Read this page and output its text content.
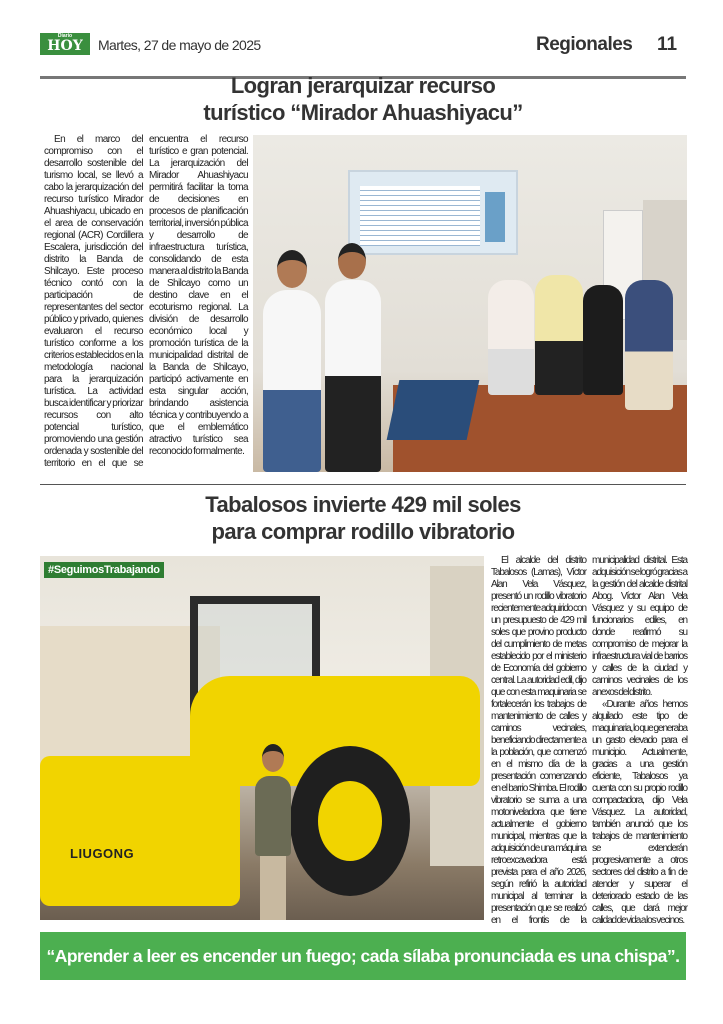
Diario
HOY	Martes, 27 de mayo de 2025	Regionales 11
Logran jerarquizar recurso
turístico “Mirador Ahuashiyacu”

En el marco del compromiso con el desarrollo sostenible del turismo local, se llevó a cabo la jerarquización del recurso turístico Mirador Ahuashiyacu, ubicado en el area de conservación regional (ACR) Cordillera Escalera, jurisdicción del distrito la Banda de Shilcayo. Este proceso técnico contó con la participación de representantes del sector público y privado, quienes evaluaron el recurso turístico conforme a los criterios establecidos en la metodología nacional para la jerarquización turística. La actividad busca identificar y priorizar recursos con alto potencial turístico, promoviendo una gestión ordenada y sostenible del territorio en el que se encuentra el recurso turístico e gran potencial. La jerarquización del Mirador Ahuashiyacu permitirá facilitar la toma de decisiones en procesos de planificación territorial, inversión pública y desarrollo de infraestructura turística, consolidando de esta manera al distrito la Banda de Shilcayo como un destino clave en el ecoturismo regional. La división de desarrollo económico local y promoción turística de la municipalidad distrital de la Banda de Shilcayo, participó activamente en esta singular acción, brindando asistencia técnica y contribuyendo a que el emblemático atractivo turístico sea reconocido formalmente.

Tabalosos invierte 429 mil soles
para comprar rodillo vibratorio
#SeguimosTrabajando
LIUGONG

El alcalde del distrito Tabalosos (Lamas), Víctor Alan Vela Vásquez, presentó un rodillo vibratorio recientemente adquirido con un presupuesto de 429 mil soles que provino producto del cumplimiento de metas establecido por el ministerio de Economía del gobierno central. La autoridad edil, dijo que con esta maquinaria se fortalecerán los trabajos de mantenimiento de calles y caminos vecinales, beneficiando directamente a la población, que comenzó en el mismo día de la presentación comenzando en el barrio Shimba. El rodillo vibratorio se suma a una motoniveladora que tiene actualmente el gobierno municipal, mientras que la adquisición de una máquina retroexcavadora está prevista para el año 2026, según refirió la autoridad municipal al terminar la presentación que se realizó en el frontis de la municipalidad distrital. Esta adquisición se logró gracias a la gestión del alcalde distrital Abog. Víctor Alan Vela Vásquez y su equipo de funcionarios ediles, en donde reafirmó su compromiso de mejorar la infraestructura vial de barrios y calles de la ciudad y caminos vecinales de los anexos del distrito.

«Durante años hemos alquilado este tipo de maquinaria, lo que generaba un gasto elevado para el municipio. Actualmente, gracias a una gestión eficiente, Tabalosos ya cuenta con su propio rodillo compactadora, dijo Vela Vásquez. La autoridad, también anunció que los trabajos de mantenimiento se extenderán progresivamente a otros sectores del distrito a fin de atender y superar el deteriorado estado de las calles, que dará mejor calidad de vida a los vecinos.

“Aprender a leer es encender un fuego; cada sílaba pronunciada es una chispa”.
